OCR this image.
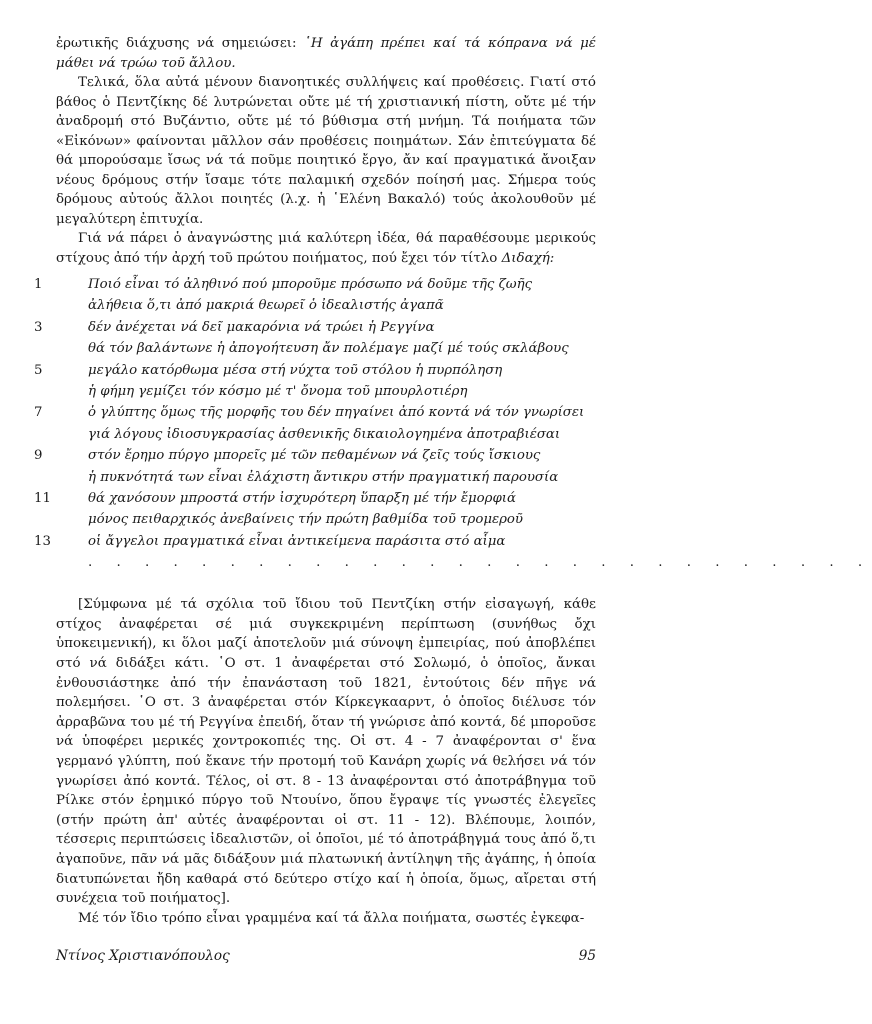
ἐρωτικῆς διάχυσης νά σημειώσει: ῾Η ἀγάπη πρέπει καί τά κόπρανα νά μέ μάθει νά τρώω τοῦ ἄλλου.

Τελικά, ὅλα αὐτά μένουν διανοητικές συλλήψεις καί προθέσεις. Γιατί στό βάθος ὁ Πεντζίκης δέ λυτρώνεται οὔτε μέ τή χριστιανική πίστη, οὔτε μέ τήν ἀναδρομή στό Βυζάντιο, οὔτε μέ τό βύθισμα στή μνήμη. Τά ποιήματα τῶν «Εἰκόνων» φαίνονται μᾶλλον σάν προθέσεις ποιημάτων. Σάν ἐπιτεύγματα δέ θά μπορούσαμε ἴσως νά τά ποῦμε ποιητικό ἔργο, ἄν καί πραγματικά ἄνοιξαν νέους δρόμους στήν ἴσαμε τότε παλαμική σχεδόν ποίησή μας. Σήμερα τούς δρόμους αὐτούς ἄλλοι ποιητές (λ.χ. ἡ ῾Ελένη Βακαλό) τούς ἀκολουθοῦν μέ μεγαλύτερη ἐπιτυχία.

Γιά νά πάρει ὁ ἀναγνώστης μιά καλύτερη ἰδέα, θά παραθέσουμε μερικούς στίχους ἀπό τήν ἀρχή τοῦ πρώτου ποιήματος, πού ἔχει τόν τίτλο Διδαχή:

1	Ποιό εἶναι τό ἀληθινό πού μποροῦμε πρόσωπο νά δοῦμε τῆς ζωῆς
ἀλήθεια ὅ,τι ἀπό μακριά θεωρεῖ ὁ ἰδεαλιστής ἀγαπᾶ
3	δέν ἀνέχεται νά δεῖ μακαρόνια νά τρώει ἡ Ρεγγίνα
θά τόν βαλάντωνε ἡ ἀπογοήτευση ἄν πολέμαγε μαζί μέ τούς σκλάβους
5	μεγάλο κατόρθωμα μέσα στή νύχτα τοῦ στόλου ἡ πυρπόληση
ἡ φήμη γεμίζει τόν κόσμο μέ τ' ὄνομα τοῦ μπουρλοτιέρη
7	ὁ γλύπτης ὅμως τῆς μορφῆς του δέν πηγαίνει ἀπό κοντά νά τόν γνωρίσει
γιά λόγους ἰδιοσυγκρασίας ἀσθενικῆς δικαιολογημένα ἀποτραβιέσαι
9	στόν ἔρημο πύργο μπορεῖς μέ τῶν πεθαμένων νά ζεῖς τούς ἴσκιους
ἡ πυκνότητά των εἶναι ἐλάχιστη ἄντικρυ στήν πραγματική παρουσία
11	θά χανόσουν μπροστά στήν ἰσχυρότερη ὕπαρξη μέ τήν ἔμορφιά
μόνος πειθαρχικός ἀνεβαίνεις τήν πρώτη βαθμίδα τοῦ τρομεροῦ
13	οἱ ἄγγελοι πραγματικά εἶναι ἀντικείμενα παράσιτα στό αἷμα
. . . . . . . . . . . . . . . . . . . . . . . . . . . .

[Σύμφωνα μέ τά σχόλια τοῦ ἴδιου τοῦ Πεντζίκη στήν εἰσαγωγή, κάθε στίχος ἀναφέρεται σέ μιά συγκεκριμένη περίπτωση (συνήθως ὄχι ὑποκειμενική), κι ὅλοι μαζί ἀποτελοῦν μιά σύνοψη ἐμπειρίας, πού ἀποβλέπει στό νά διδάξει κάτι. ῾Ο στ. 1 ἀναφέρεται στό Σολωμό, ὁ ὁποῖος, ἄνκαι ἐνθουσιάστηκε ἀπό τήν ἐπανάσταση τοῦ 1821, ἐντούτοις δέν πῆγε νά πολεμήσει. ῾Ο στ. 3 ἀναφέρεται στόν Κίρκεγκααρντ, ὁ ὁποῖος διέλυσε τόν ἀρραβῶνα του μέ τή Ρεγγίνα ἐπειδή, ὅταν τή γνώρισε ἀπό κοντά, δέ μποροῦσε νά ὑποφέρει μερικές χοντροκοπιές της. Οἱ στ. 4 - 7 ἀναφέρονται σ' ἕνα γερμανό γλύπτη, πού ἔκανε τήν προτομή τοῦ Κανάρη χωρίς νά θελήσει νά τόν γνωρίσει ἀπό κοντά. Τέλος, οἱ στ. 8 - 13 ἀναφέρονται στό ἀποτράβηγμα τοῦ Ρίλκε στόν ἐρημικό πύργο τοῦ Ντουίνο, ὅπου ἔγραψε τίς γνωστές ἐλεγεῖες (στήν πρώτη ἀπ' αὐτές ἀναφέρονται οἱ στ. 11 - 12). Βλέπουμε, λοιπόν, τέσσερις περιπτώσεις ἰδεαλιστῶν, οἱ ὁποῖοι, μέ τό ἀποτράβηγμά τους ἀπό ὅ,τι ἀγαποῦνε, πᾶν νά μᾶς διδάξουν μιά πλατωνική ἀντίληψη τῆς ἀγάπης, ἡ ὁποία διατυπώνεται ἤδη καθαρά στό δεύτερο στίχο καί ἡ ὁποία, ὅμως, αἴρεται στή συνέχεια τοῦ ποιήματος].

Μέ τόν ἴδιο τρόπο εἶναι γραμμένα καί τά ἄλλα ποιήματα, σωστές ἐγκεφα-

Ντίνος Χριστιανόπουλος	95
